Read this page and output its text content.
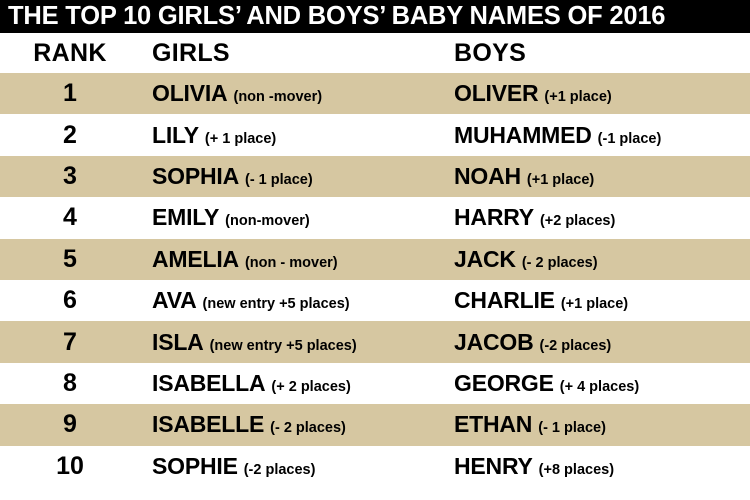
THE TOP 10 GIRLS’ AND BOYS’ BABY NAMES OF 2016
RANK	GIRLS	BOYS
1	OLIVIA (non -mover)	OLIVER (+1 place)
2	LILY (+ 1 place)	MUHAMMED (-1 place)
3	SOPHIA (- 1 place)	NOAH (+1 place)
4	EMILY (non-mover)	HARRY (+2 places)
5	AMELIA (non - mover)	JACK (- 2 places)
6	AVA (new entry +5 places)	CHARLIE (+1 place)
7	ISLA (new entry +5 places)	JACOB (-2 places)
8	ISABELLA (+ 2 places)	GEORGE (+ 4 places)
9	ISABELLE (- 2 places)	ETHAN (- 1 place)
10	SOPHIE (-2 places)	HENRY (+8 places)
